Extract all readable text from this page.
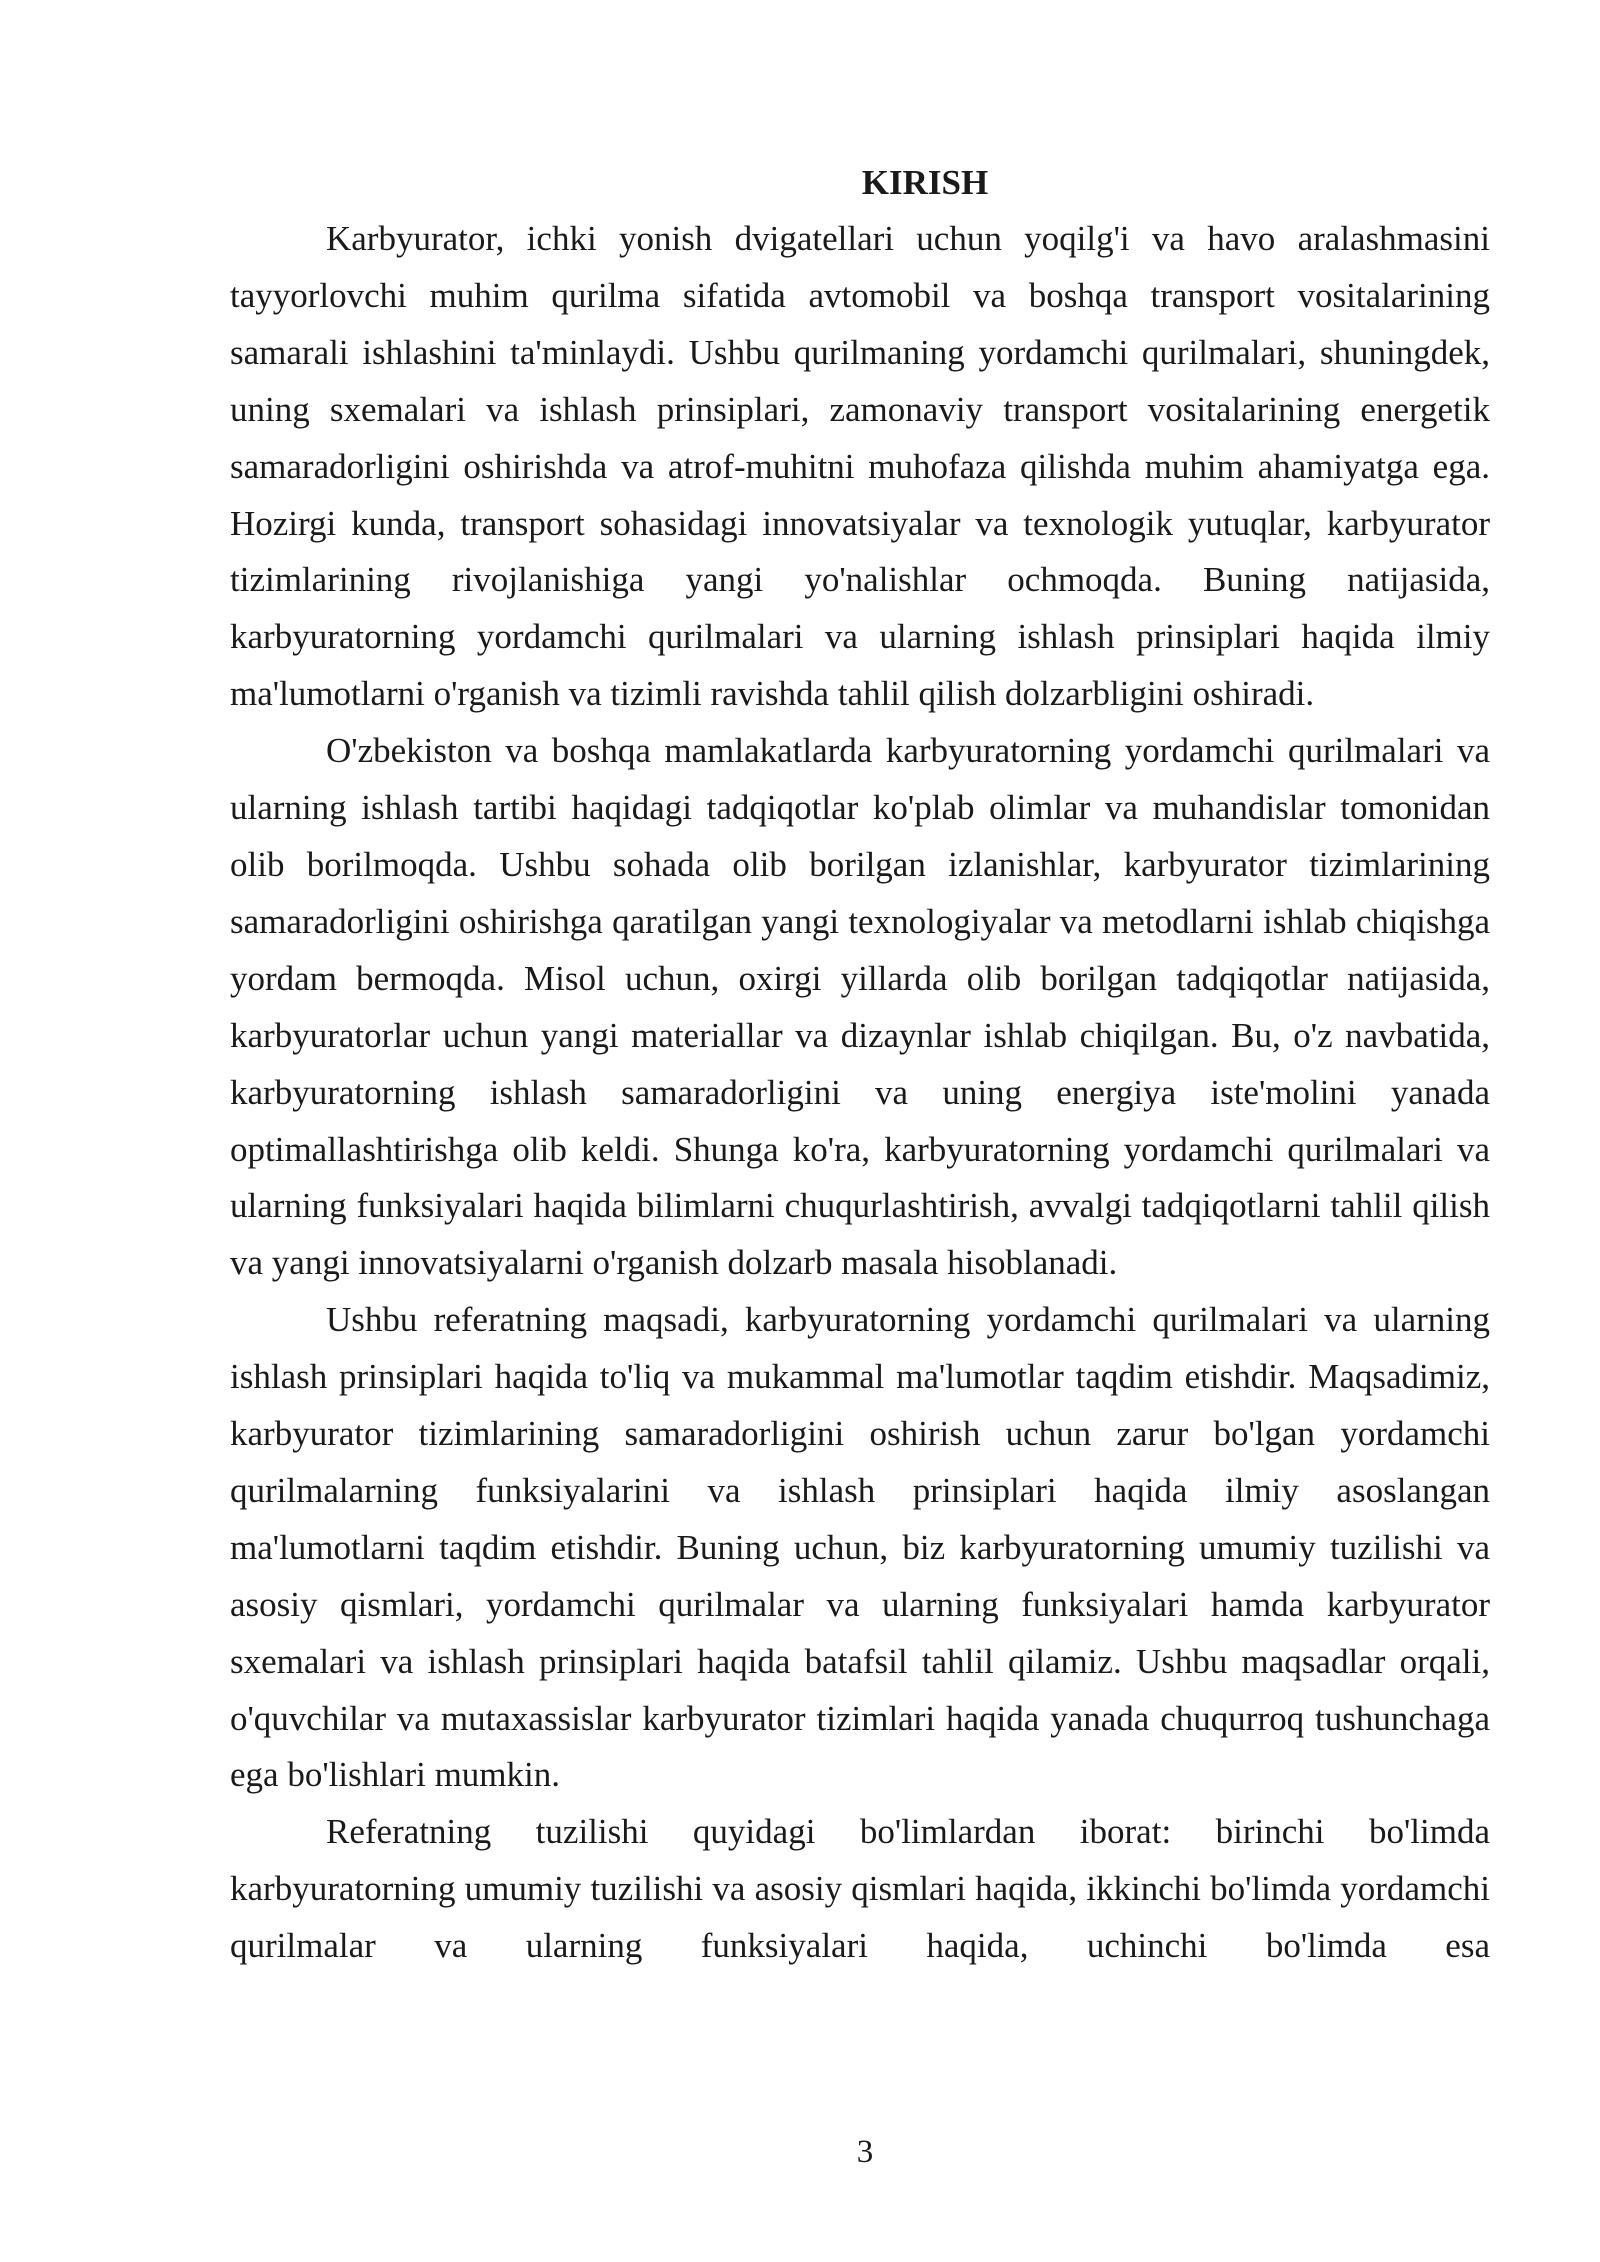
KIRISH

Karbyurator, ichki yonish dvigatellari uchun yoqilg'i va havo aralashmasini tayyorlovchi muhim qurilma sifatida avtomobil va boshqa transport vositalarining samarali ishlashini ta'minlaydi. Ushbu qurilmaning yordamchi qurilmalari, shuningdek, uning sxemalari va ishlash prinsiplari, zamonaviy transport vositalarining energetik samaradorligini oshirishda va atrof-muhitni muhofaza qilishda muhim ahamiyatga ega. Hozirgi kunda, transport sohasidagi innovatsiyalar va texnologik yutuqlar, karbyurator tizimlarining rivojlanishiga yangi yo'nalishlar ochmoqda. Buning natijasida, karbyuratorning yordamchi qurilmalari va ularning ishlash prinsiplari haqida ilmiy ma'lumotlarni o'rganish va tizimli ravishda tahlil qilish dolzarbligini oshiradi.

O'zbekiston va boshqa mamlakatlarda karbyuratorning yordamchi qurilmalari va ularning ishlash tartibi haqidagi tadqiqotlar ko'plab olimlar va muhandislar tomonidan olib borilmoqda. Ushbu sohada olib borilgan izlanishlar, karbyurator tizimlarining samaradorligini oshirishga qaratilgan yangi texnologiyalar va metodlarni ishlab chiqishga yordam bermoqda. Misol uchun, oxirgi yillarda olib borilgan tadqiqotlar natijasida, karbyuratorlar uchun yangi materiallar va dizaynlar ishlab chiqilgan. Bu, o'z navbatida, karbyuratorning ishlash samaradorligini va uning energiya iste'molini yanada optimallashtirishga olib keldi. Shunga ko'ra, karbyuratorning yordamchi qurilmalari va ularning funksiyalari haqida bilimlarni chuqurlashtirish, avvalgi tadqiqotlarni tahlil qilish va yangi innovatsiyalarni o'rganish dolzarb masala hisoblanadi.

Ushbu referatning maqsadi, karbyuratorning yordamchi qurilmalari va ularning ishlash prinsiplari haqida to'liq va mukammal ma'lumotlar taqdim etishdir. Maqsadimiz, karbyurator tizimlarining samaradorligini oshirish uchun zarur bo'lgan yordamchi qurilmalarning funksiyalarini va ishlash prinsiplari haqida ilmiy asoslangan ma'lumotlarni taqdim etishdir. Buning uchun, biz karbyuratorning umumiy tuzilishi va asosiy qismlari, yordamchi qurilmalar va ularning funksiyalari hamda karbyurator sxemalari va ishlash prinsiplari haqida batafsil tahlil qilamiz. Ushbu maqsadlar orqali, o'quvchilar va mutaxassislar karbyurator tizimlari haqida yanada chuqurroq tushunchaga ega bo'lishlari mumkin.

Referatning tuzilishi quyidagi bo'limlardan iborat: birinchi bo'limda karbyuratorning umumiy tuzilishi va asosiy qismlari haqida, ikkinchi bo'limda yordamchi qurilmalar va ularning funksiyalari haqida, uchinchi bo'limda esa

3
